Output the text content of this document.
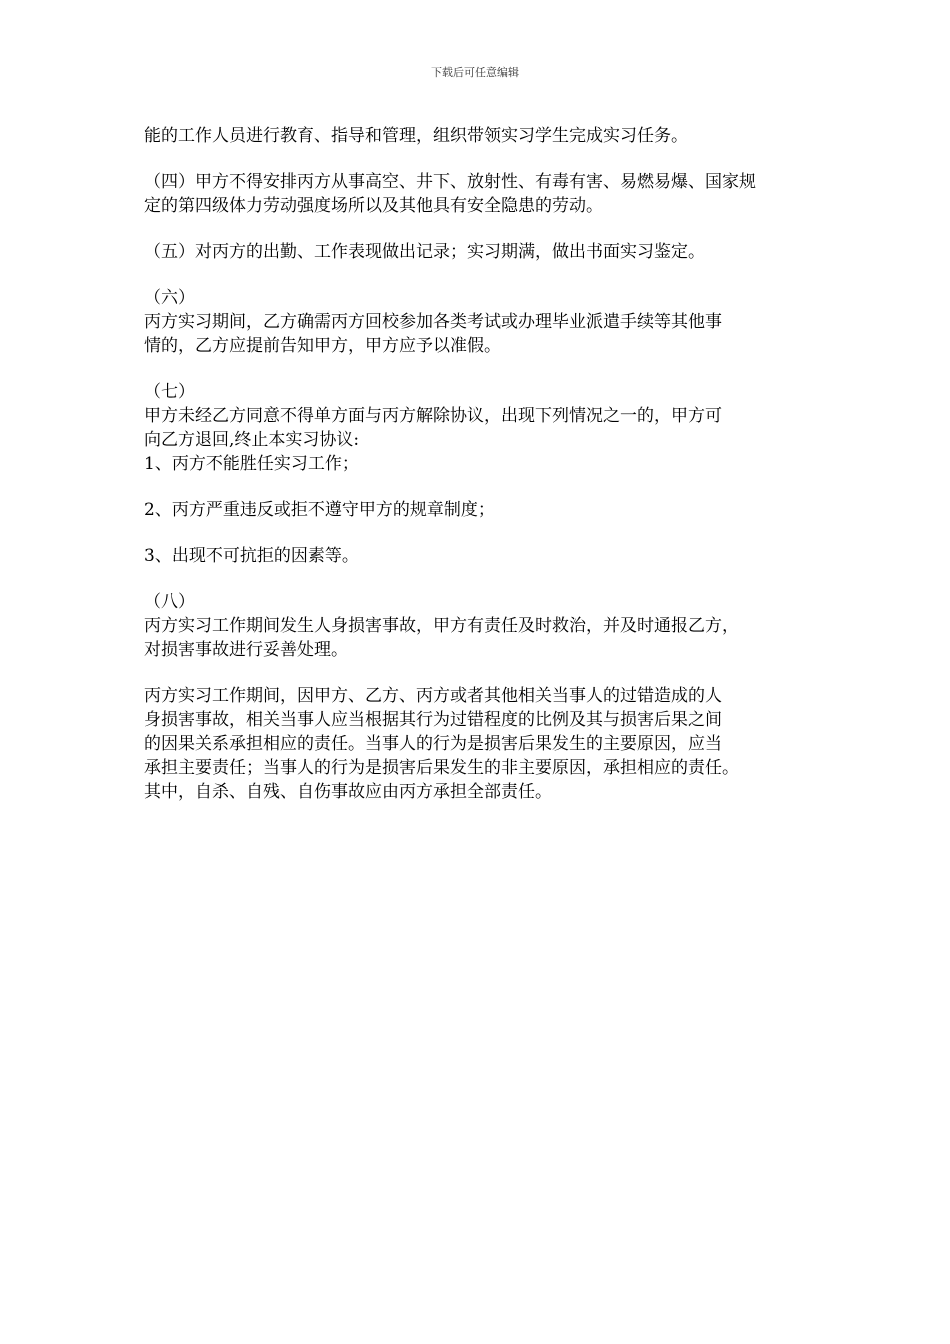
下载后可任意编辑
能的工作人员进行教育、指导和管理，组织带领实习学生完成实习任务。
（四）甲方不得安排丙方从事高空、井下、放射性、有毒有害、易燃易爆、国家规
定的第四级体力劳动强度场所以及其他具有安全隐患的劳动。
（五）对丙方的出勤、工作表现做出记录；实习期满，做出书面实习鉴定。
（六）
丙方实习期间，乙方确需丙方回校参加各类考试或办理毕业派遣手续等其他事
情的，乙方应提前告知甲方，甲方应予以准假。
（七）
甲方未经乙方同意不得单方面与丙方解除协议，出现下列情况之一的，甲方可
向乙方退回,终止本实习协议:
1、丙方不能胜任实习工作；
2、丙方严重违反或拒不遵守甲方的规章制度；
3、出现不可抗拒的因素等。
（八）
丙方实习工作期间发生人身损害事故，甲方有责任及时救治，并及时通报乙方，
对损害事故进行妥善处理。
丙方实习工作期间，因甲方、乙方、丙方或者其他相关当事人的过错造成的人
身损害事故，相关当事人应当根据其行为过错程度的比例及其与损害后果之间
的因果关系承担相应的责任。当事人的行为是损害后果发生的主要原因，应当
承担主要责任；当事人的行为是损害后果发生的非主要原因，承担相应的责任。
其中，自杀、自残、自伤事故应由丙方承担全部责任。
